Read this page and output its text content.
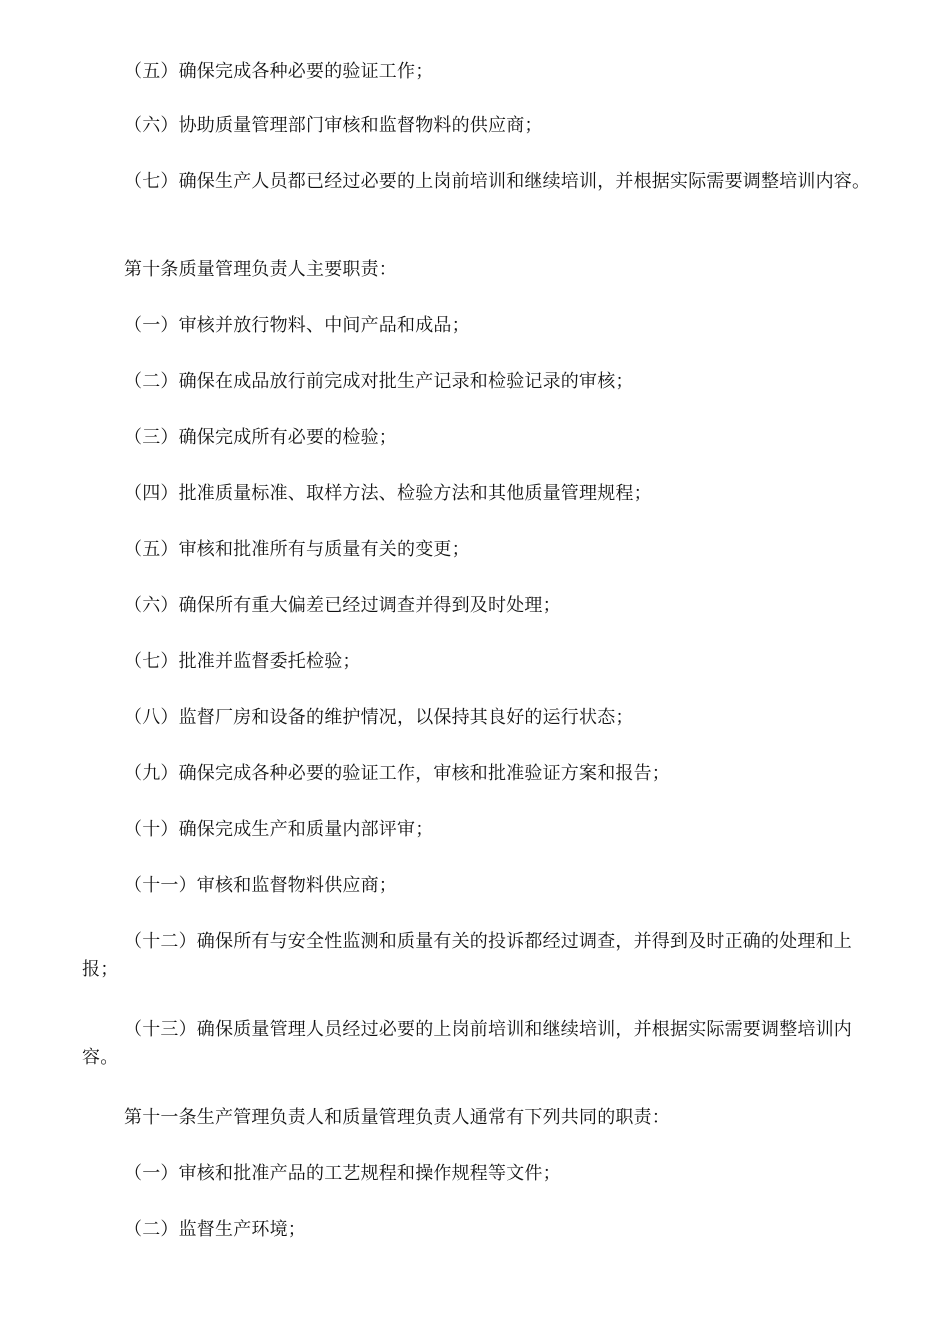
（五）确保完成各种必要的验证工作；

（六）协助质量管理部门审核和监督物料的供应商；

（七）确保生产人员都已经过必要的上岗前培训和继续培训，并根据实际需要调整培训内容。

第十条质量管理负责人主要职责：

（一）审核并放行物料、中间产品和成品；

（二）确保在成品放行前完成对批生产记录和检验记录的审核；

（三）确保完成所有必要的检验；

（四）批准质量标准、取样方法、检验方法和其他质量管理规程；

（五）审核和批准所有与质量有关的变更；

（六）确保所有重大偏差已经过调查并得到及时处理；

（七）批准并监督委托检验；

（八）监督厂房和设备的维护情况，以保持其良好的运行状态；

（九）确保完成各种必要的验证工作，审核和批准验证方案和报告；

（十）确保完成生产和质量内部评审；

（十一）审核和监督物料供应商；

（十二）确保所有与安全性监测和质量有关的投诉都经过调查，并得到及时正确的处理和上报；

（十三）确保质量管理人员经过必要的上岗前培训和继续培训，并根据实际需要调整培训内容。

第十一条生产管理负责人和质量管理负责人通常有下列共同的职责：

（一）审核和批准产品的工艺规程和操作规程等文件；

（二）监督生产环境；
